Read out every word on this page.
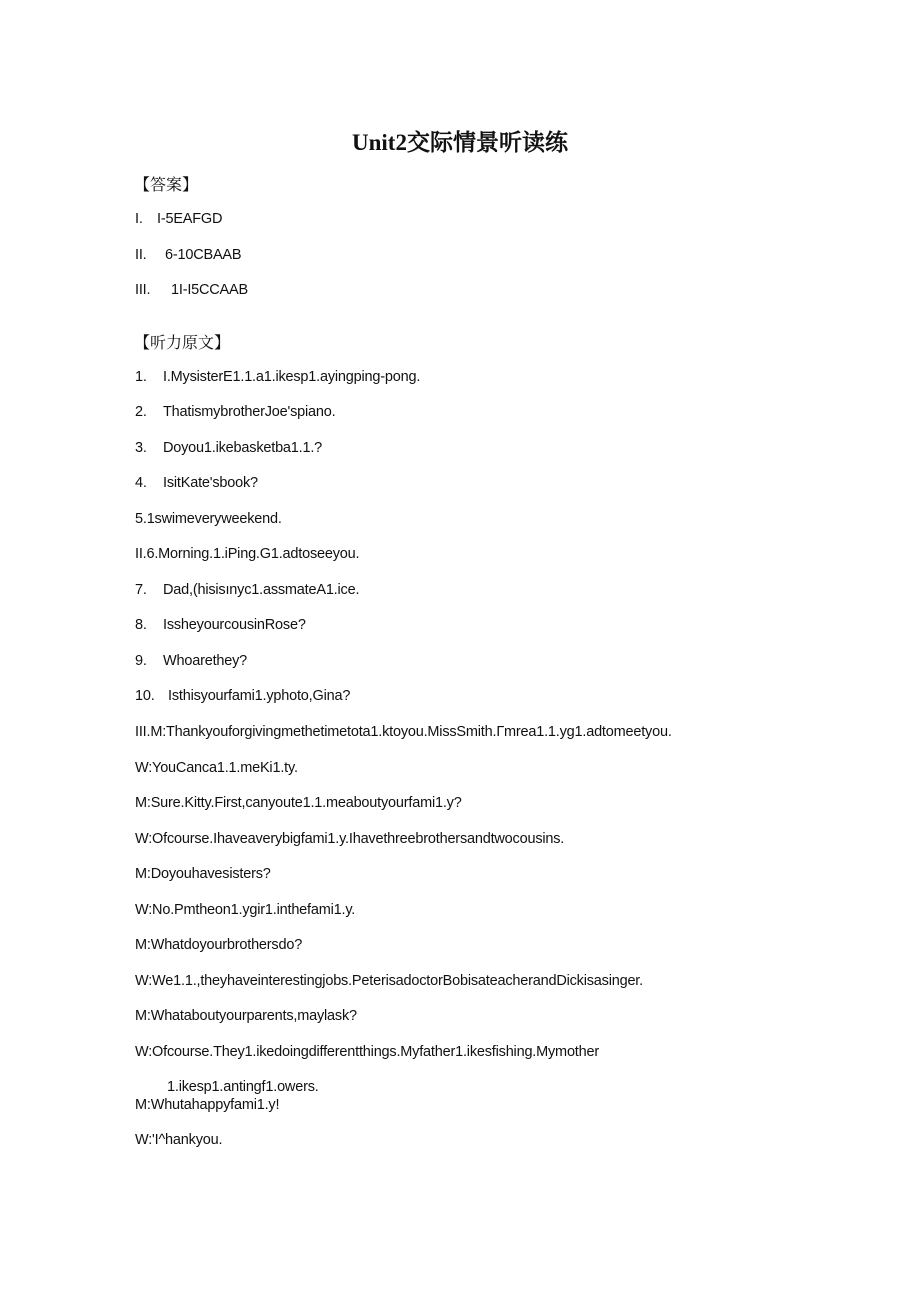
Unit2交际情景听读练
【答案】
I. I-5EAFGD
II. 6-10CBAAB
III. 1I-I5CCAAB
【听力原文】
1. I.MysisterE1.1.a1.ikesp1.ayingping-pong.
2. ThatismybrotherJoe'spiano.
3. Doyou1.ikebasketba1.1.?
4. IsitKate'sbook?
5.1swimeveryweekend.
II.6.Morning.1.iPing.G1.adtoseeyou.
7. Dad,(hisisınyc1.assmateA1.ice.
8. IssheyourcousinRose?
9. Whoarethey?
10. Isthisyourfami1.yphoto,Gina?
III.M:Thankyouforgivingmethetimetota1.ktoyou.MissSmith.Гmrea1.1.yg1.adtomeetyou.
W:YouCanca1.1.meKi1.ty.
M:Sure.Kitty.First,canyoute1.1.meaboutyourfami1.y?
W:Ofcourse.Ihaveaverybigfami1.y.Ihavethreebrothersandtwocousins.
M:Doyouhavesisters?
W:No.Pmtheon1.ygir1.inthefami1.y.
M:Whatdoyourbrothersdo?
W:We1.1.,theyhaveinterestingjobs.PeterisadoctorBobisateacherandDickisasinger.
M:Whataboutyourparents,maylask?
W:Ofcourse.They1.ikedoingdifferentthings.Myfather1.ikesfishing.Mymother
1.ikesp1.antingf1.owers.
M:Whutahappyfami1.y!
W:'I^hankyou.
